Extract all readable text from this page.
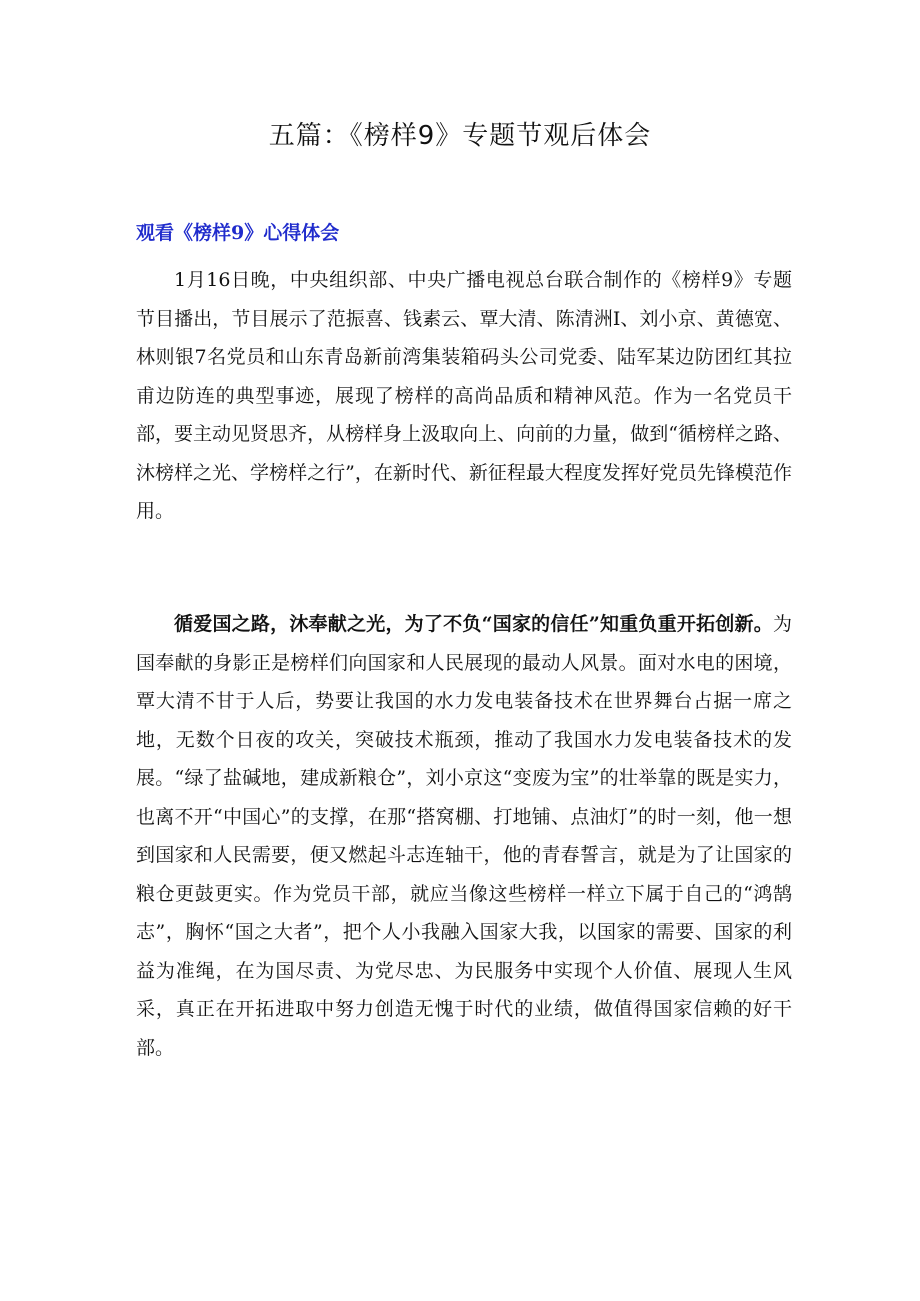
五篇：《榜样9》专题节观后体会
观看《榜样9》心得体会

1月16日晚，中央组织部、中央广播电视总台联合制作的《榜样9》专题节目播出，节目展示了范振喜、钱素云、覃大清、陈清洲I、刘小京、黄德宽、林则银7名党员和山东青岛新前湾集装箱码头公司党委、陆军某边防团红其拉甫边防连的典型事迹，展现了榜样的高尚品质和精神风范。作为一名党员干部，要主动见贤思齐，从榜样身上汲取向上、向前的力量，做到“循榜样之路、沐榜样之光、学榜样之行”，在新时代、新征程最大程度发挥好党员先锋模范作用。

循爱国之路，沐奉献之光，为了不负“国家的信任”知重负重开拓创新。为国奉献的身影正是榜样们向国家和人民展现的最动人风景。面对水电的困境，覃大清不甘于人后，势要让我国的水力发电装备技术在世界舞台占据一席之地，无数个日夜的攻关，突破技术瓶颈，推动了我国水力发电装备技术的发展。“绿了盐碱地，建成新粮仓”，刘小京这“变废为宝”的壮举靠的既是实力，也离不开“中国心”的支撑，在那“搭窝棚、打地铺、点油灯”的时一刻，他一想到国家和人民需要，便又燃起斗志连轴干，他的青春誓言，就是为了让国家的粮仓更鼓更实。作为党员干部，就应当像这些榜样一样立下属于自己的“鸿鹄志”，胸怀“国之大者”，把个人小我融入国家大我，以国家的需要、国家的利益为准绳，在为国尽责、为党尽忠、为民服务中实现个人价值、展现人生风采，真正在开拓进取中努力创造无愧于时代的业绩，做值得国家信赖的好干部。
